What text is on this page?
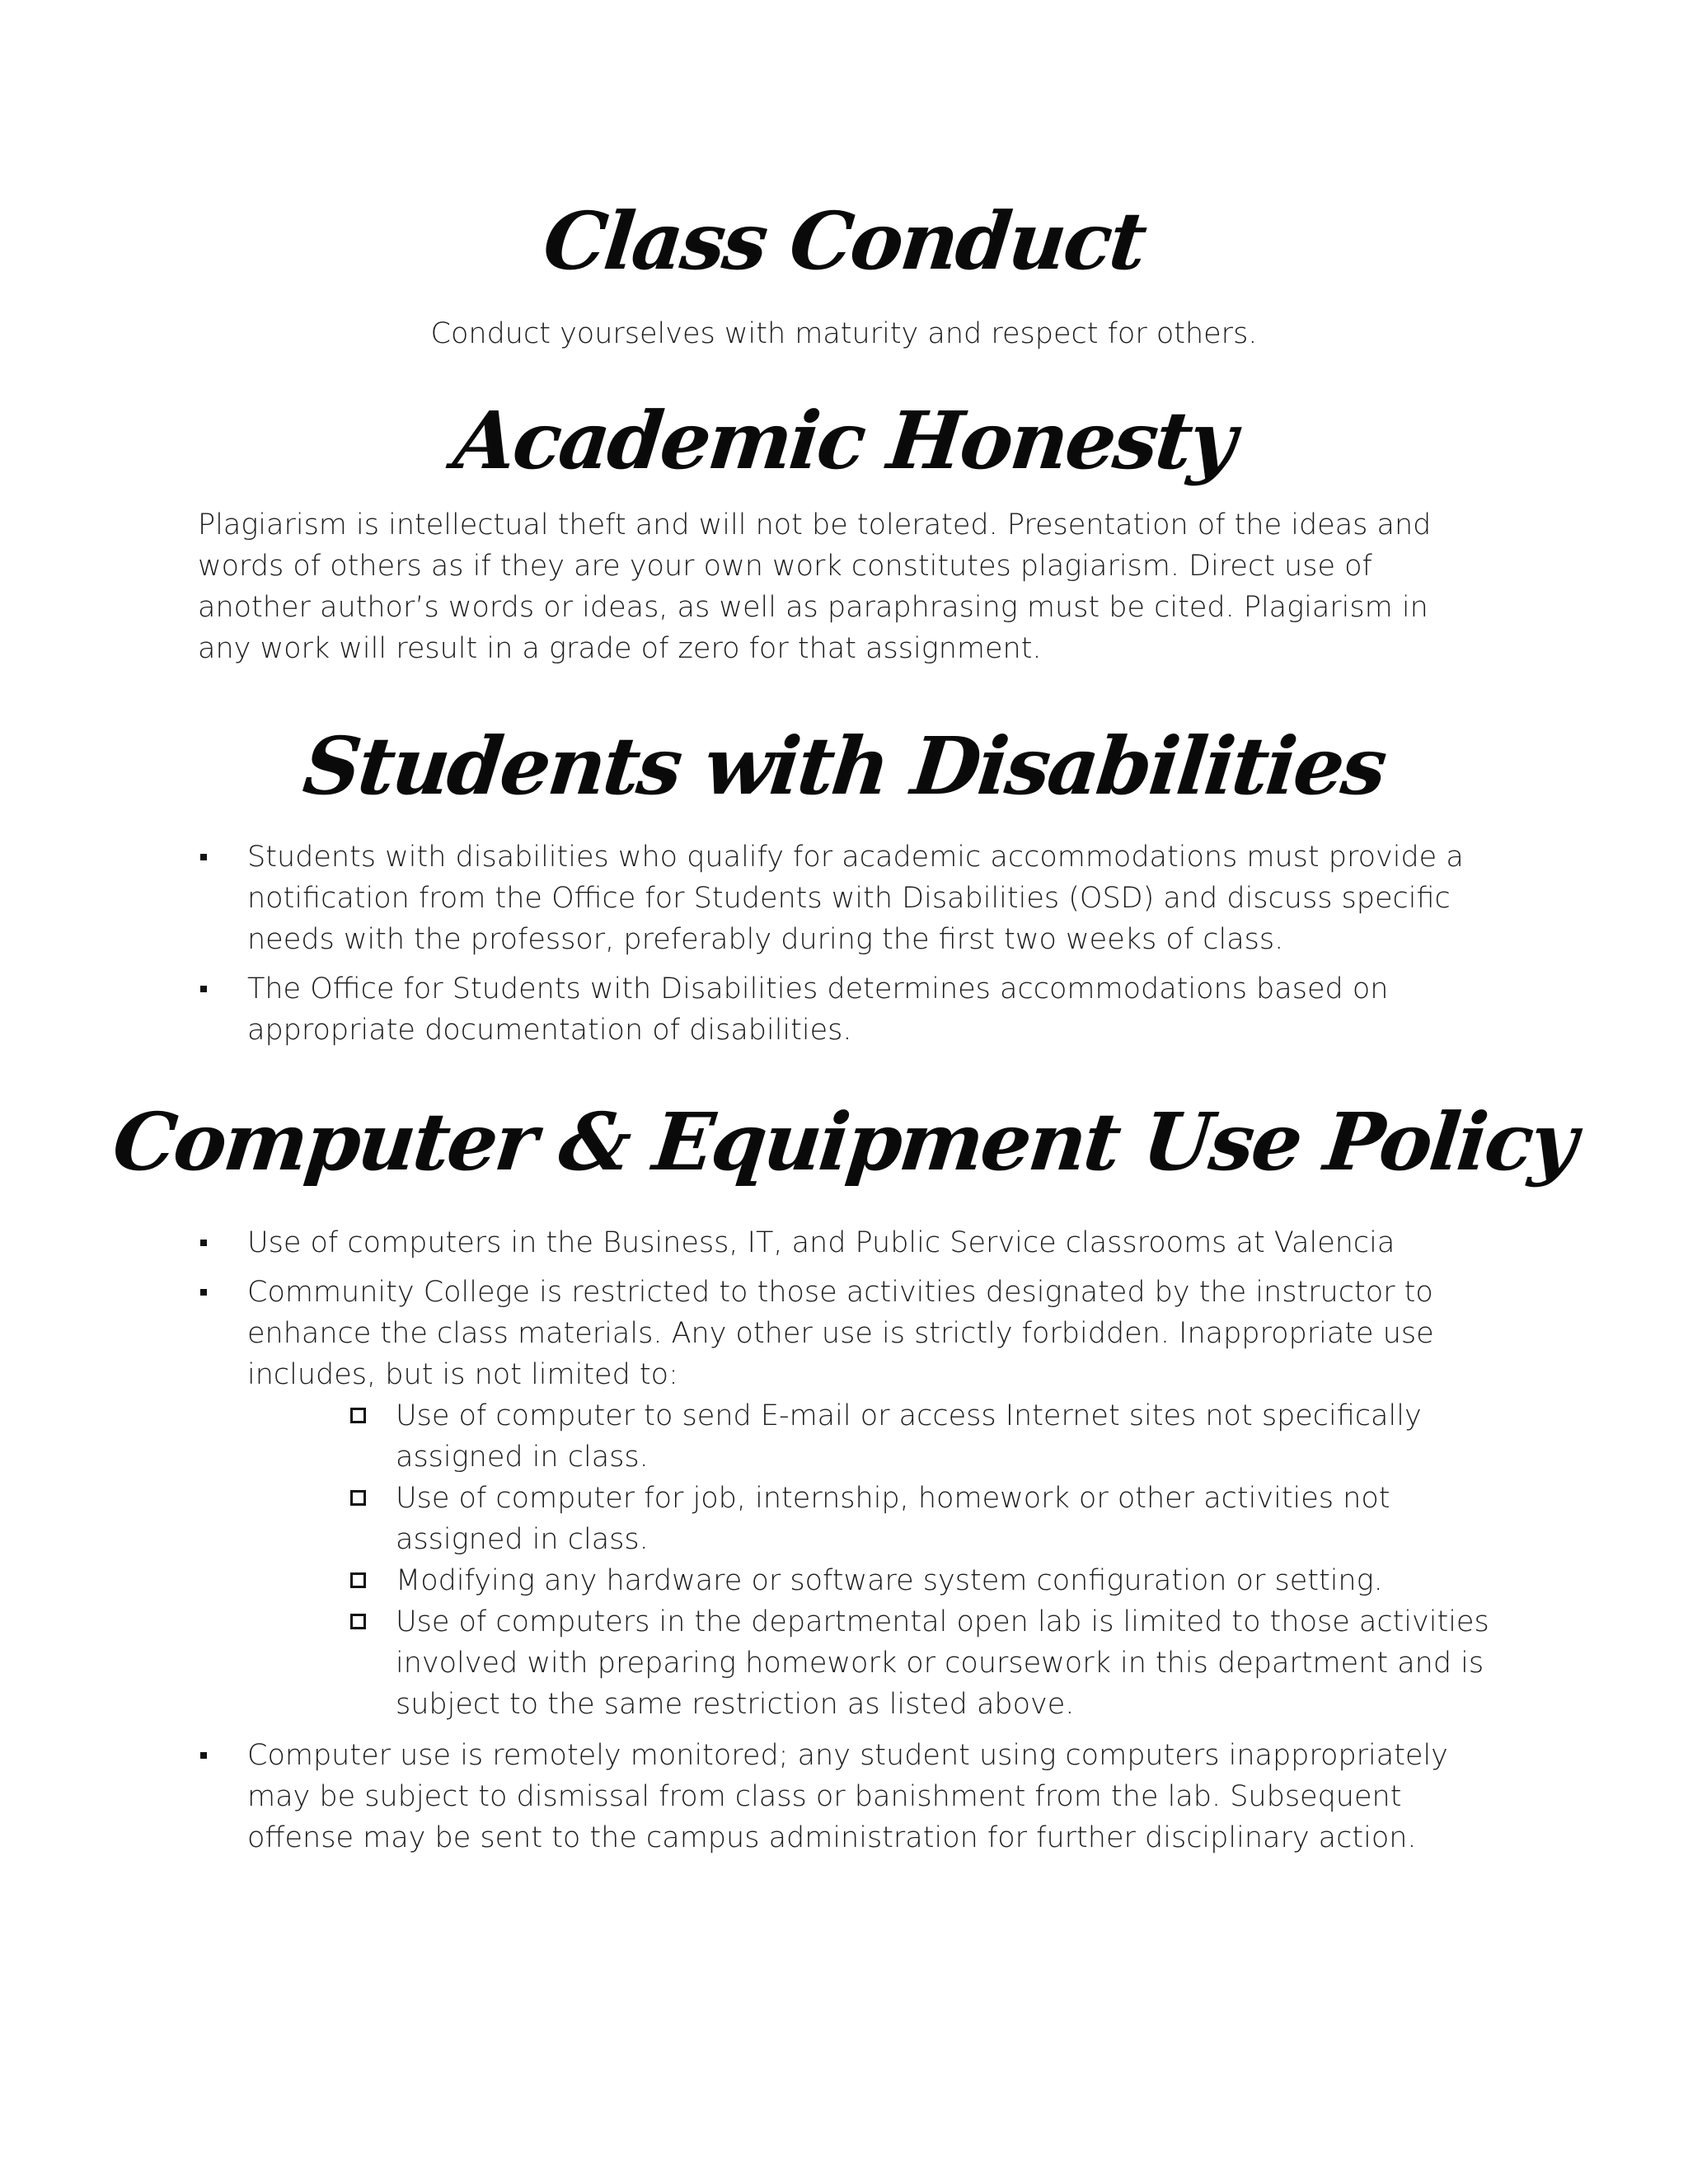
Class Conduct
Conduct yourselves with maturity and respect for others.
Academic Honesty
Plagiarism is intellectual theft and will not be tolerated. Presentation of the ideas and words of others as if they are your own work constitutes plagiarism. Direct use of another author’s words or ideas, as well as paraphrasing must be cited. Plagiarism in any work will result in a grade of zero for that assignment.
Students with Disabilities
Students with disabilities who qualify for academic accommodations must provide a notification from the Office for Students with Disabilities (OSD) and discuss specific needs with the professor, preferably during the first two weeks of class.
The Office for Students with Disabilities determines accommodations based on appropriate documentation of disabilities.
Computer & Equipment Use Policy
Use of computers in the Business, IT, and Public Service classrooms at Valencia
Community College is restricted to those activities designated by the instructor to enhance the class materials. Any other use is strictly forbidden. Inappropriate use includes, but is not limited to:
Use of computer to send E-mail or access Internet sites not specifically assigned in class.
Use of computer for job, internship, homework or other activities not assigned in class.
Modifying any hardware or software system configuration or setting.
Use of computers in the departmental open lab is limited to those activities involved with preparing homework or coursework in this department and is subject to the same restriction as listed above.
Computer use is remotely monitored; any student using computers inappropriately may be subject to dismissal from class or banishment from the lab. Subsequent offense may be sent to the campus administration for further disciplinary action.
